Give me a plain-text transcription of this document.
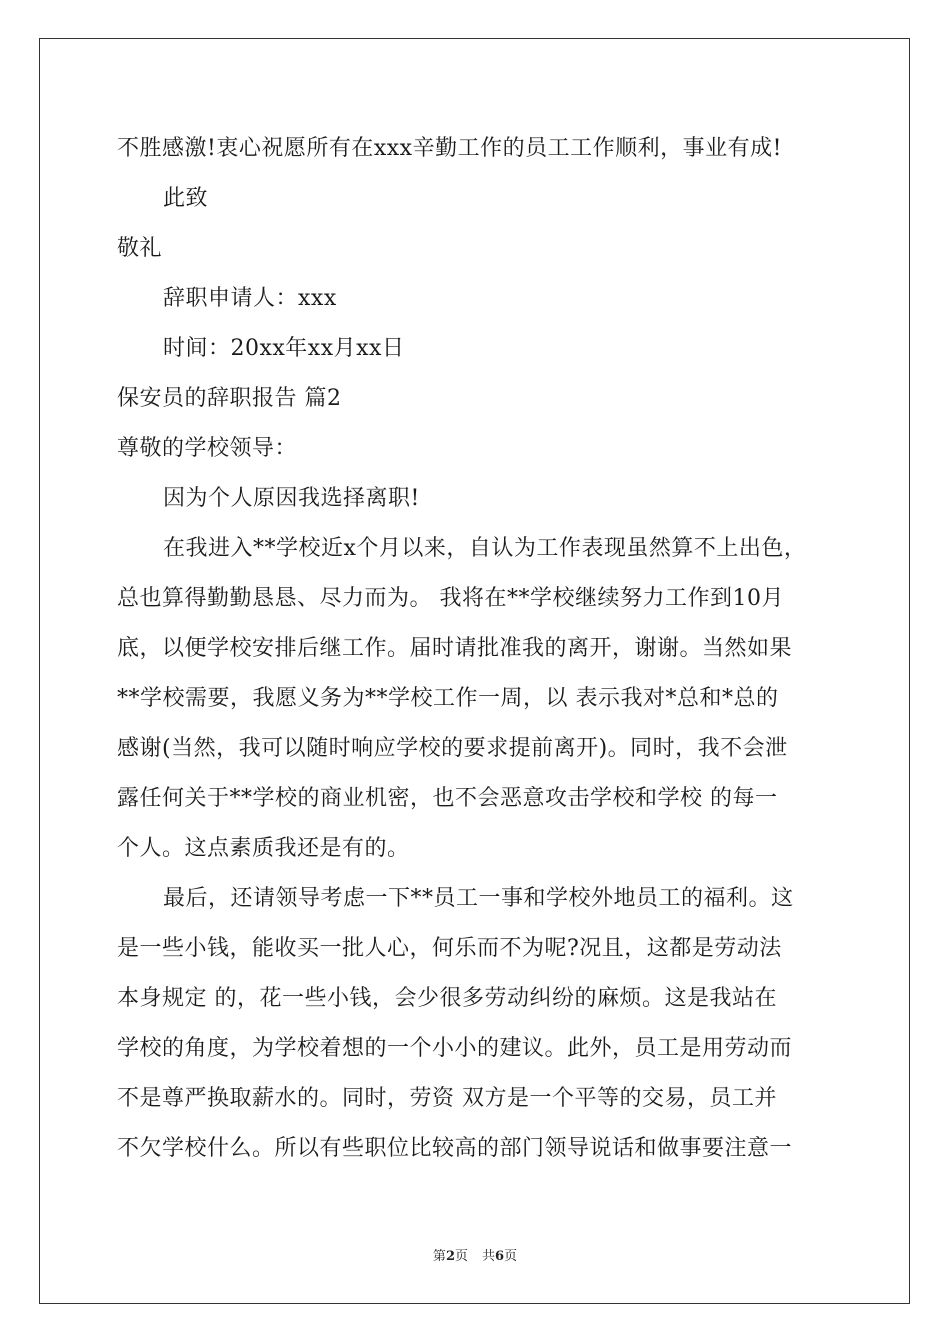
不胜感激!衷心祝愿所有在xxx辛勤工作的员工工作顺利，事业有成!
此致
敬礼
辞职申请人：xxx
时间：20xx年xx月xx日
保安员的辞职报告 篇2
尊敬的学校领导：
因为个人原因我选择离职!
在我进入**学校近x个月以来，自认为工作表现虽然算不上出色，
总也算得勤勤恳恳、尽力而为。 我将在**学校继续努力工作到10月
底，以便学校安排后继工作。届时请批准我的离开，谢谢。当然如果
**学校需要，我愿义务为**学校工作一周，以 表示我对*总和*总的
感谢(当然，我可以随时响应学校的要求提前离开)。同时，我不会泄
露任何关于**学校的商业机密，也不会恶意攻击学校和学校 的每一
个人。这点素质我还是有的。
最后，还请领导考虑一下**员工一事和学校外地员工的福利。这
是一些小钱，能收买一批人心，何乐而不为呢?况且，这都是劳动法
本身规定 的，花一些小钱，会少很多劳动纠纷的麻烦。这是我站在
学校的角度，为学校着想的一个小小的建议。此外，员工是用劳动而
不是尊严换取薪水的。同时，劳资 双方是一个平等的交易，员工并
不欠学校什么。所以有些职位比较高的部门领导说话和做事要注意一
第2页 共6页
